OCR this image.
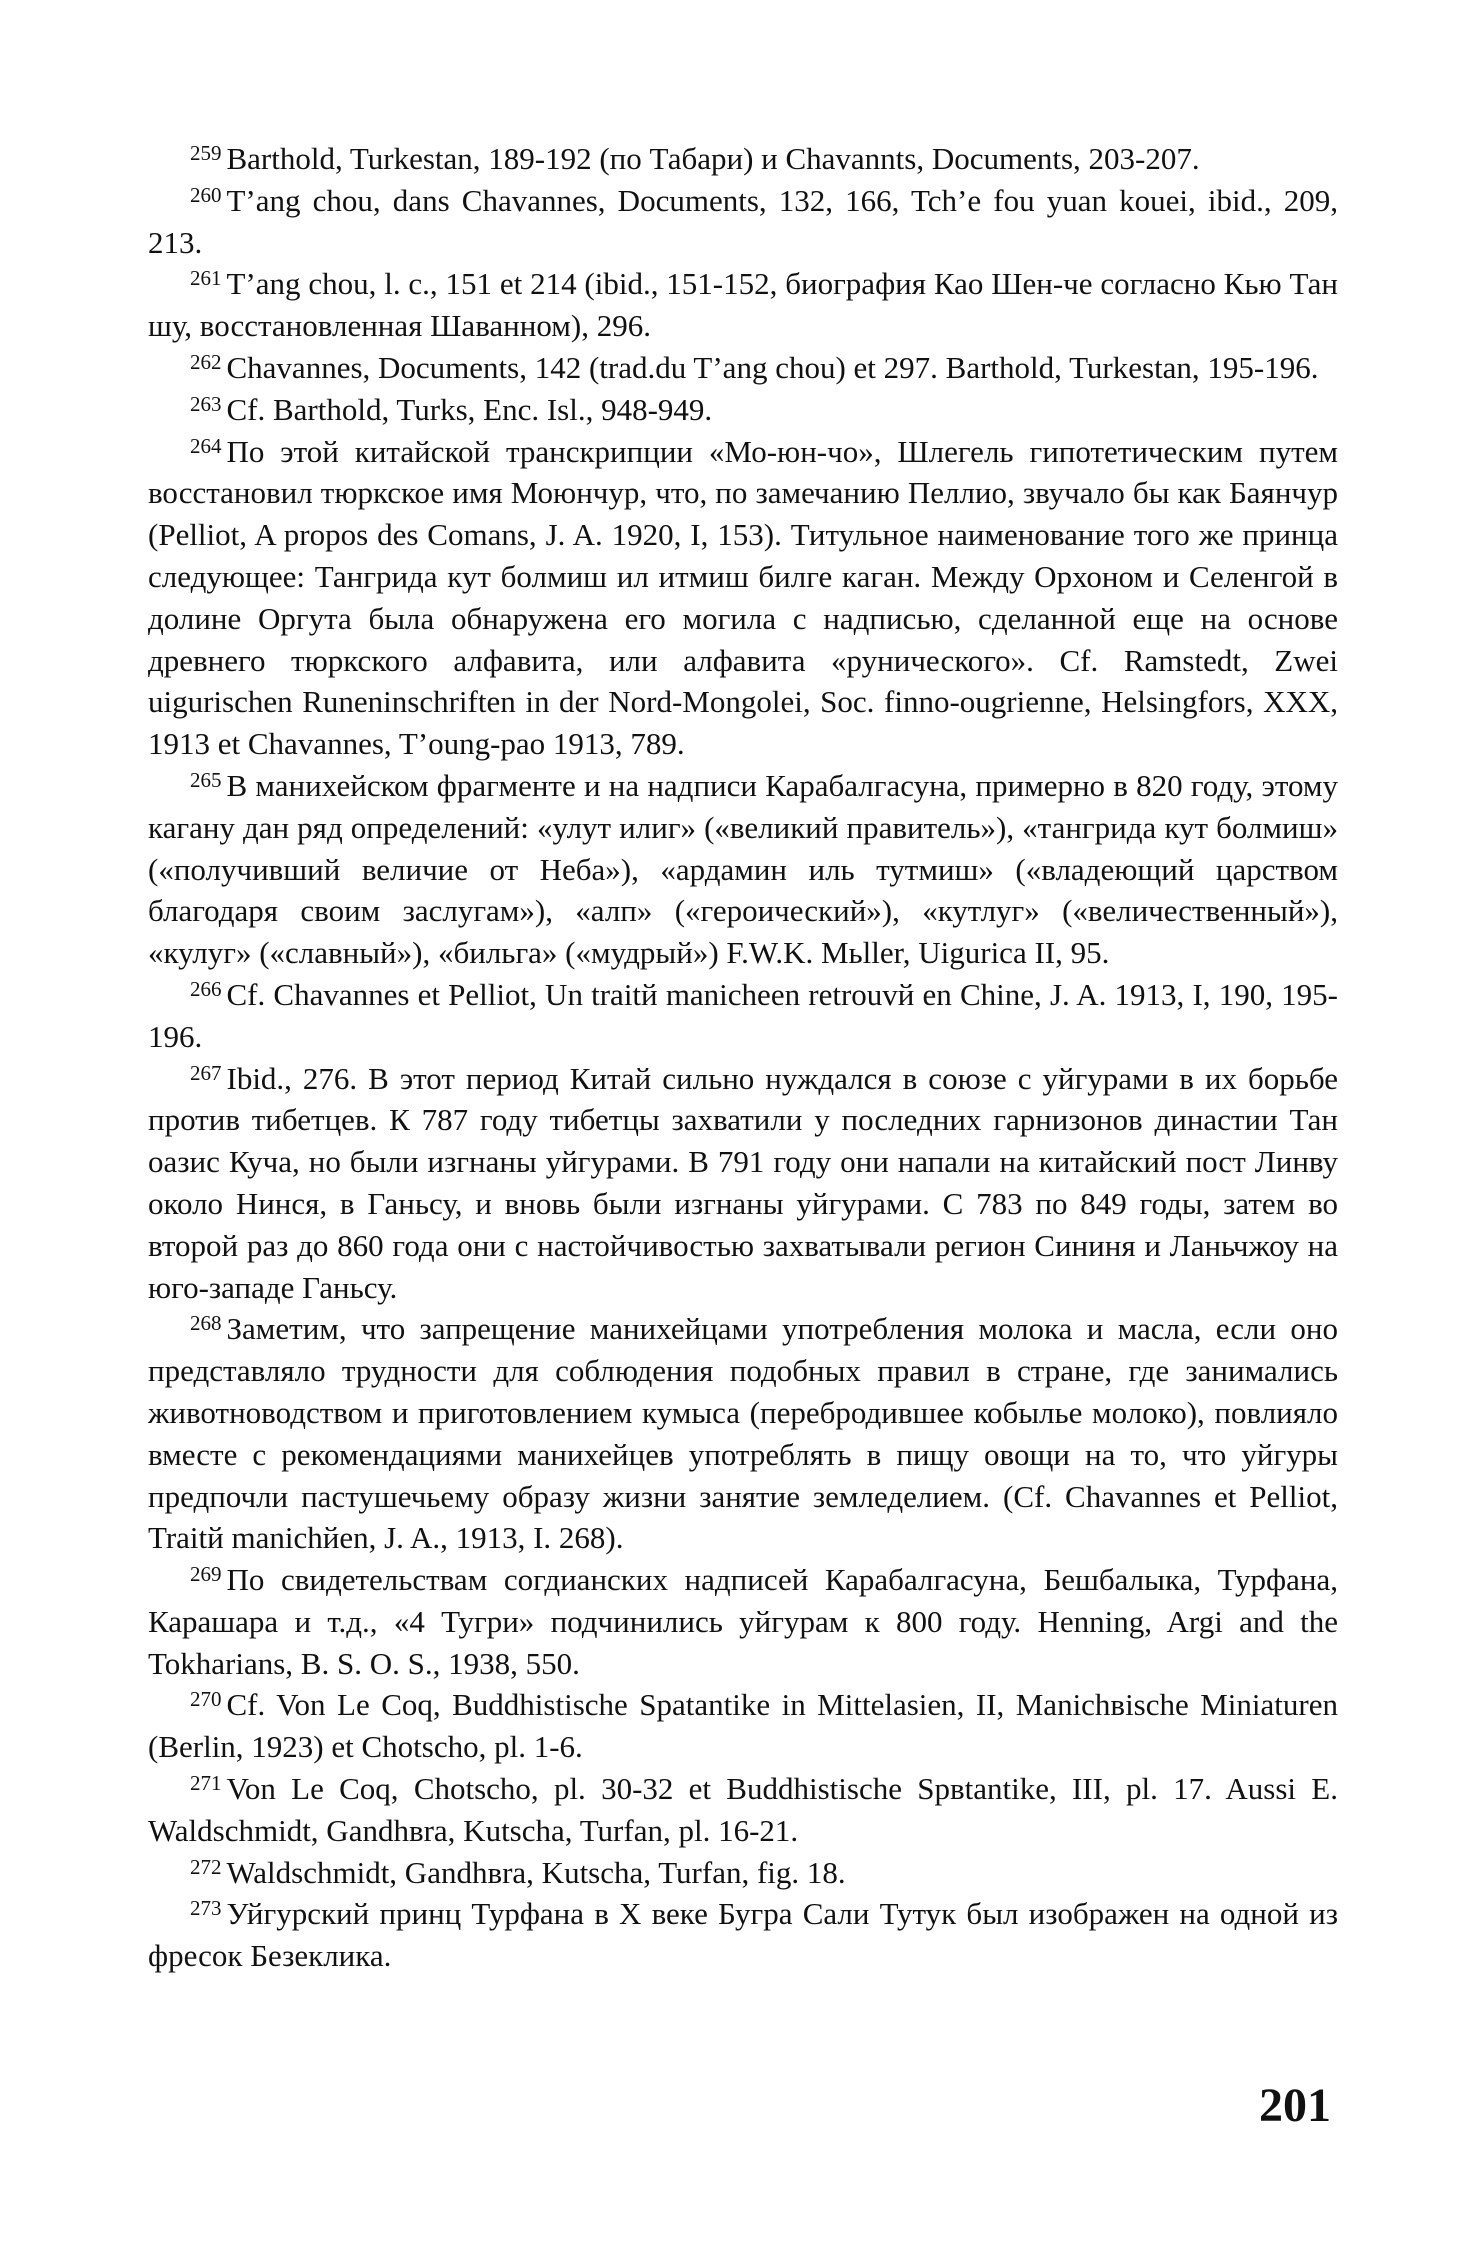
$^{259}$ Barthold, Turkestan, 189-192 (по Табари) и Chavannts, Documents, 203-207.

$^{260}$ T’ang chou, dans Chavannes, Documents, 132, 166, Tch’e fou yuan kouei, ibid., 209, 213.

$^{261}$ T’ang chou, l. c., 151 et 214 (ibid., 151-152, биография Као Шен-че согласно Кью Тан шу, восстановленная Шаванном), 296.

$^{262}$ Chavannes, Documents, 142 (trad.du T’ang chou) et 297. Barthold, Turkestan, 195-196.

$^{263}$ Cf. Barthold, Turks, Enc. Isl., 948-949.

$^{264}$ По этой китайской транскрипции «Мо-юн-чо», Шлегель гипотетическим путем восстановил тюркское имя Моюнчур, что, по замечанию Пеллио, звучало бы как Баянчур (Pelliot, A propos des Comans, J. A. 1920, I, 153). Титульное наименование того же принца следующее: Тангрида кут болмиш ил итмиш билге каган. Между Орхоном и Селенгой в долине Оргута была обнаружена его могила с надписью, сделанной еще на основе древнего тюркского алфавита, или алфавита «рунического». Cf. Ramstedt, Zwei uigurischen Runeninschriften in der Nord-Mongolei, Soc. finno-ougrienne, Helsingfors, XXX, 1913 et Chavannes, T’oung-pao 1913, 789.

$^{265}$ В манихейском фрагменте и на надписи Карабалгасуна, примерно в 820 году, этому кагану дан ряд определений: «улут илиг» («великий правитель»), «тангрида кут болмиш» («получивший величие от Неба»), «ардамин иль тутмиш» («владеющий царством благодаря своим заслугам»), «алп» («героический»), «кутлуг» («величественный»), «кулуг» («славный»), «бильга» («мудрый») F.W.K. Mьller, Uigurica II, 95.

$^{266}$ Cf. Chavannes et Pelliot, Un traitй manicheen retrouvй en Chine, J. A. 1913, I, 190, 195-196.

$^{267}$ Ibid., 276. В этот период Китай сильно нуждался в союзе с уйгурами в их борьбе против тибетцев. К 787 году тибетцы захватили у последних гарнизонов династии Тан оазис Куча, но были изгнаны уйгурами. В 791 году они напали на китайский пост Линву около Нинся, в Ганьсу, и вновь были изгнаны уйгурами. С 783 по 849 годы, затем во второй раз до 860 года они с настойчивостью захватывали регион Сининя и Ланьчжоу на юго-западе Ганьсу.

$^{268}$ Заметим, что запрещение манихейцами употребления молока и масла, если оно представляло трудности для соблюдения подобных правил в стране, где занимались животноводством и приготовлением кумыса (перебродившее кобылье молоко), повлияло вместе с рекомендациями манихейцев употреблять в пищу овощи на то, что уйгуры предпочли пастушечьему образу жизни занятие земледелием. (Cf. Chavannes et Pelliot, Traitй manichйen, J. A., 1913, I. 268).

$^{269}$ По свидетельствам согдианских надписей Карабалгасуна, Бешбалыка, Турфана, Карашара и т.д., «4 Тугри» подчинились уйгурам к 800 году. Henning, Argi and the Tokharians, B. S. O. S., 1938, 550.

$^{270}$ Cf. Von Le Coq, Buddhistische Spatantike in Mittelasien, II, Manichвische Miniaturen (Berlin, 1923) et Chotscho, pl. 1-6.

$^{271}$ Von Le Coq, Chotscho, pl. 30-32 et Buddhistische Spвtantike, III, pl. 17. Aussi E. Waldschmidt, Gandhвra, Kutscha, Turfan, pl. 16-21.

$^{272}$ Waldschmidt, Gandhвra, Kutscha, Turfan, fig. 18.

$^{273}$ Уйгурский принц Турфана в X веке Бугра Сали Тутук был изображен на одной из фресок Безеклика.

201
